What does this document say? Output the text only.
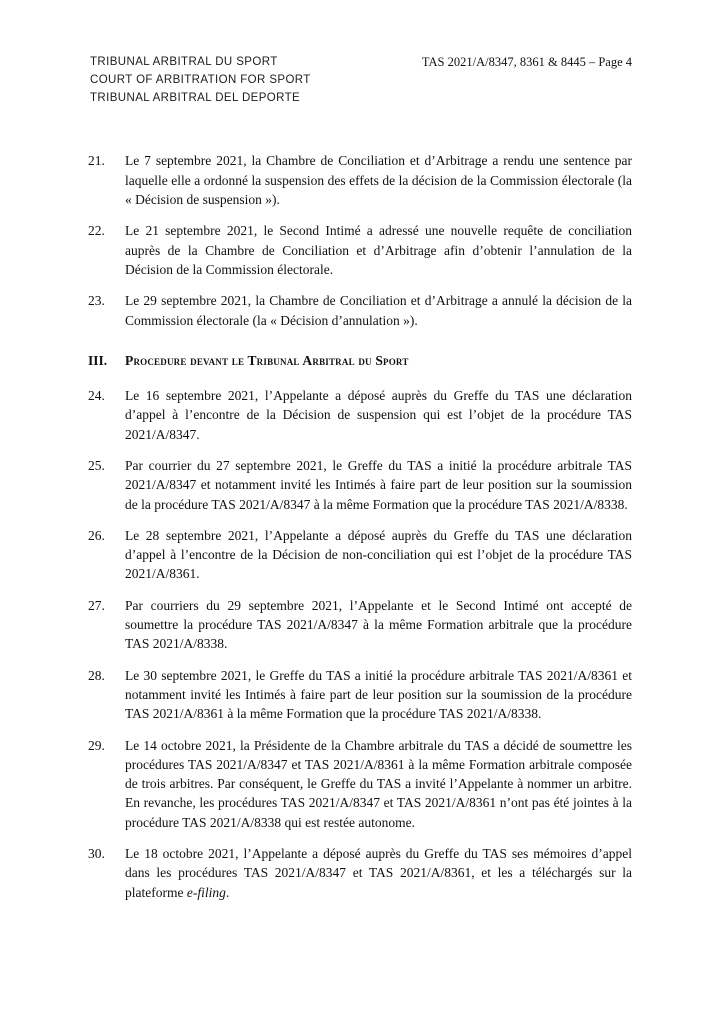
TRIBUNAL ARBITRAL DU SPORT
COURT OF ARBITRATION FOR SPORT
TRIBUNAL ARBITRAL DEL DEPORTE
TAS 2021/A/8347, 8361 & 8445 – Page 4
21.	Le 7 septembre 2021, la Chambre de Conciliation et d’Arbitrage a rendu une sentence par laquelle elle a ordonné la suspension des effets de la décision de la Commission électorale (la « Décision de suspension »).
22.	Le 21 septembre 2021, le Second Intimé a adressé une nouvelle requête de conciliation auprès de la Chambre de Conciliation et d’Arbitrage afin d’obtenir l’annulation de la Décision de la Commission électorale.
23.	Le 29 septembre 2021, la Chambre de Conciliation et d’Arbitrage a annulé la décision de la Commission électorale (la « Décision d’annulation »).
III.	Procedure devant le Tribunal Arbitral du Sport
24.	Le 16 septembre 2021, l’Appelante a déposé auprès du Greffe du TAS une déclaration d’appel à l’encontre de la Décision de suspension qui est l’objet de la procédure TAS 2021/A/8347.
25.	Par courrier du 27 septembre 2021, le Greffe du TAS a initié la procédure arbitrale TAS 2021/A/8347 et notamment invité les Intimés à faire part de leur position sur la soumission de la procédure TAS 2021/A/8347 à la même Formation que la procédure TAS 2021/A/8338.
26.	Le 28 septembre 2021, l’Appelante a déposé auprès du Greffe du TAS une déclaration d’appel à l’encontre de la Décision de non-conciliation qui est l’objet de la procédure TAS 2021/A/8361.
27.	Par courriers du 29 septembre 2021, l’Appelante et le Second Intimé ont accepté de soumettre la procédure TAS 2021/A/8347 à la même Formation arbitrale que la procédure TAS 2021/A/8338.
28.	Le 30 septembre 2021, le Greffe du TAS a initié la procédure arbitrale TAS 2021/A/8361 et notamment invité les Intimés à faire part de leur position sur la soumission de la procédure TAS 2021/A/8361 à la même Formation que la procédure TAS 2021/A/8338.
29.	Le 14 octobre 2021, la Présidente de la Chambre arbitrale du TAS a décidé de soumettre les procédures TAS 2021/A/8347 et TAS 2021/A/8361 à la même Formation arbitrale composée de trois arbitres. Par conséquent, le Greffe du TAS a invité l’Appelante à nommer un arbitre. En revanche, les procédures TAS 2021/A/8347 et TAS 2021/A/8361 n’ont pas été jointes à la procédure TAS 2021/A/8338 qui est restée autonome.
30.	Le 18 octobre 2021, l’Appelante a déposé auprès du Greffe du TAS ses mémoires d’appel dans les procédures TAS 2021/A/8347 et TAS 2021/A/8361, et les a téléchargés sur la plateforme e-filing.
